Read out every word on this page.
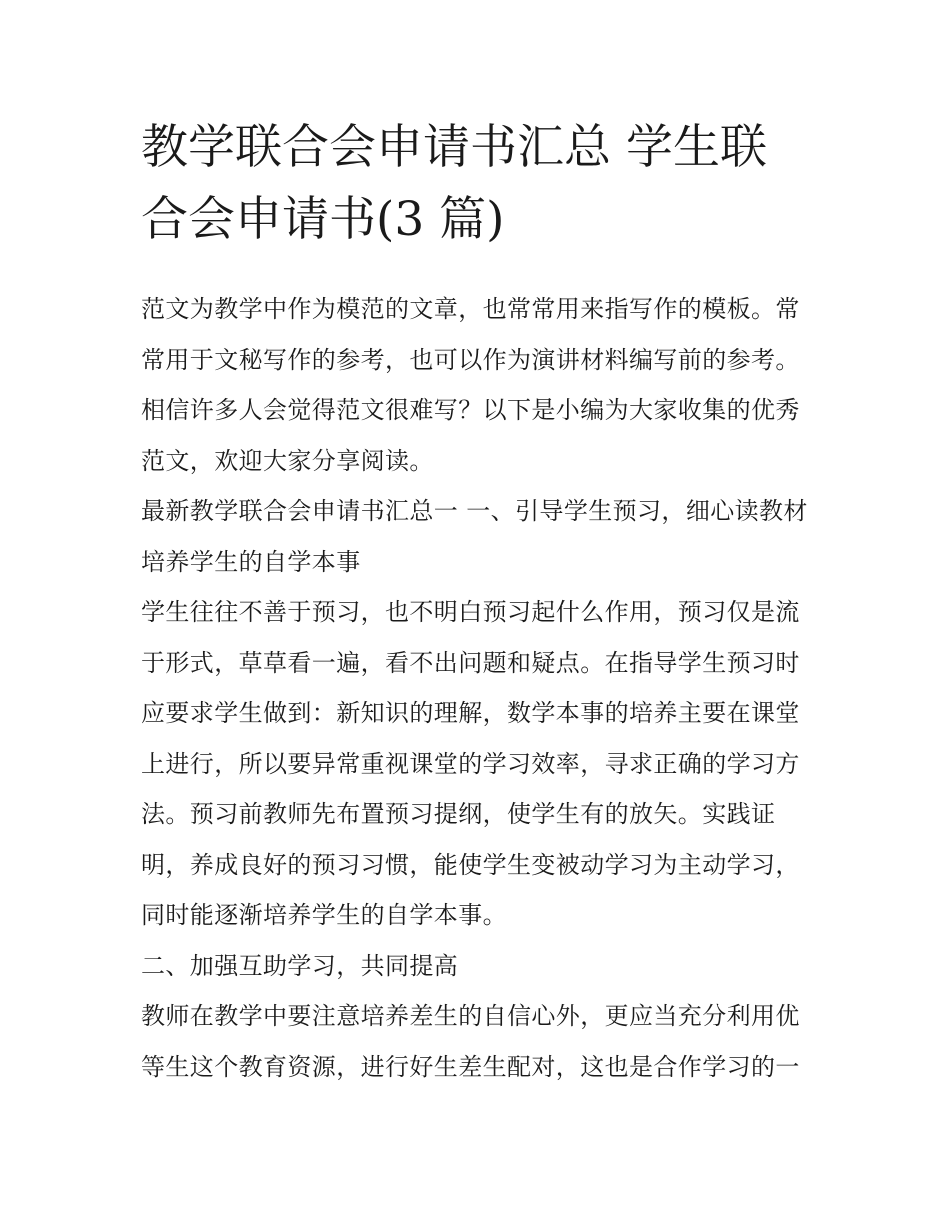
教学联合会申请书汇总 学生联合会申请书(3 篇)

范文为教学中作为模范的文章，也常常用来指写作的模板。常常用于文秘写作的参考，也可以作为演讲材料编写前的参考。相信许多人会觉得范文很难写？以下是小编为大家收集的优秀范文，欢迎大家分享阅读。

最新教学联合会申请书汇总一 一、引导学生预习，细心读教材培养学生的自学本事

学生往往不善于预习，也不明白预习起什么作用，预习仅是流于形式，草草看一遍，看不出问题和疑点。在指导学生预习时应要求学生做到：新知识的理解，数学本事的培养主要在课堂上进行，所以要异常重视课堂的学习效率，寻求正确的学习方法。预习前教师先布置预习提纲，使学生有的放矢。实践证明，养成良好的预习习惯，能使学生变被动学习为主动学习，同时能逐渐培养学生的自学本事。

二、加强互助学习，共同提高

教师在教学中要注意培养差生的自信心外，更应当充分利用优等生这个教育资源，进行好生差生配对，这也是合作学习的一
